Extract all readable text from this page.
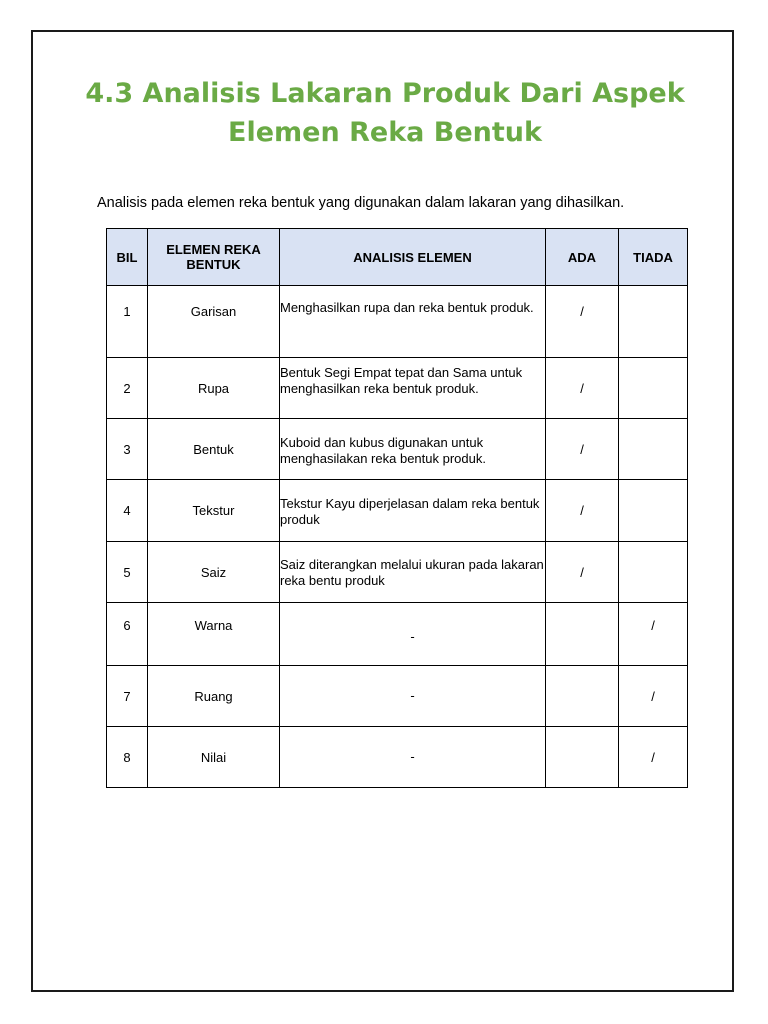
4.3 Analisis Lakaran Produk Dari Aspek Elemen Reka Bentuk

Analisis pada elemen reka bentuk yang digunakan dalam lakaran yang dihasilkan.

BIL	ELEMEN REKA BENTUK	ANALISIS ELEMEN	ADA	TIADA
1	Garisan	Menghasilkan rupa dan reka bentuk produk.	/	
2	Rupa	Bentuk Segi Empat tepat dan Sama untuk menghasilkan reka bentuk produk.	/	
3	Bentuk	Kuboid dan kubus digunakan untuk menghasilakan reka bentuk produk.	/	
4	Tekstur	Tekstur Kayu diperjelasan dalam reka bentuk produk	/	
5	Saiz	Saiz diterangkan melalui ukuran pada lakaran reka bentu produk	/	
6	Warna	-		/
7	Ruang	-		/
8	Nilai	-		/
